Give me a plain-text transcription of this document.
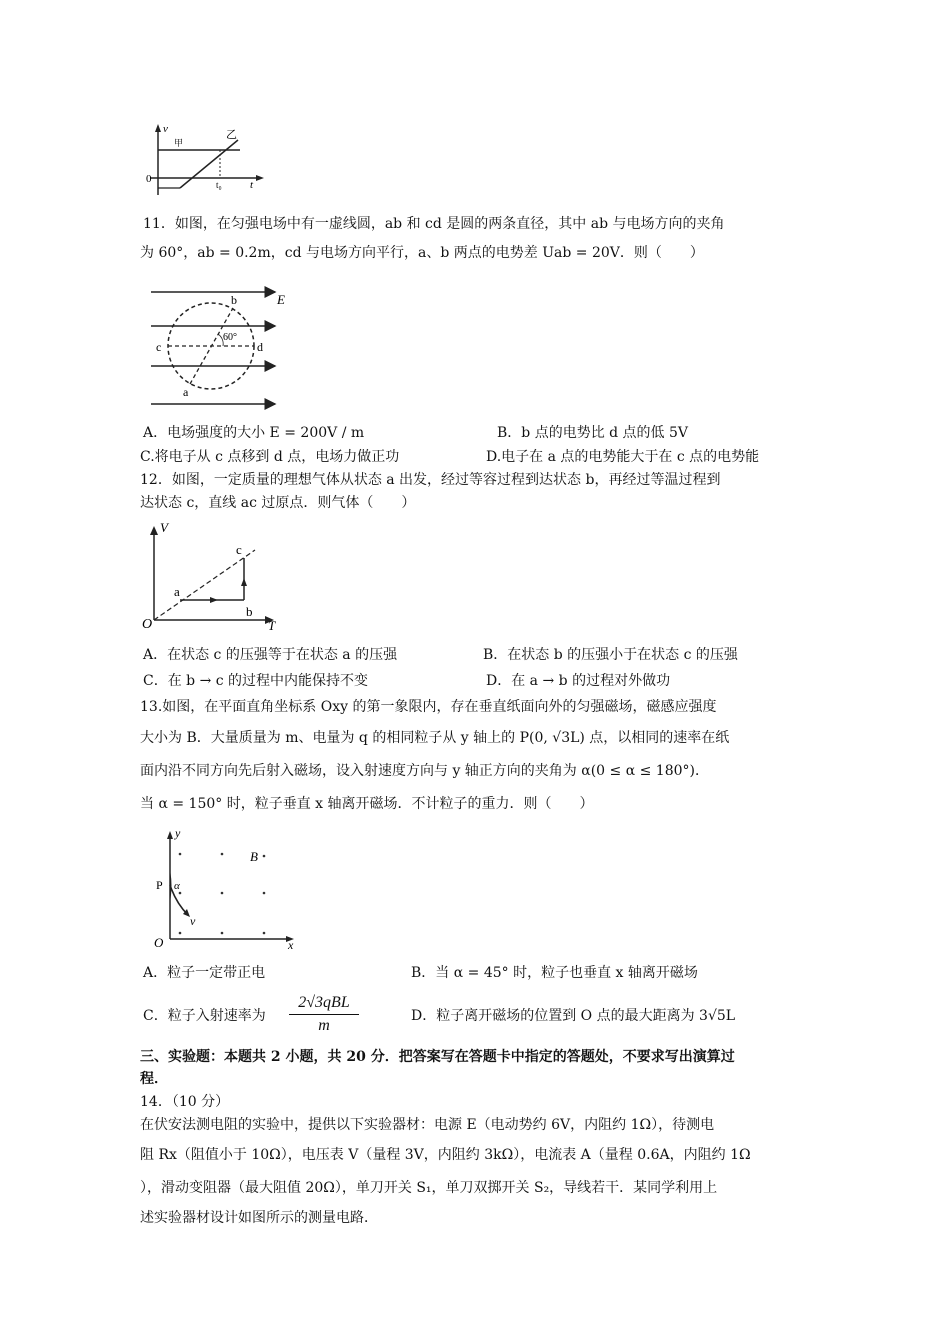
v
甲
乙
0	t₀	t
11．如图，在匀强电场中有一虚线圆，ab 和 cd 是圆的两条直径，其中 ab 与电场方向的夹角
为 60°，ab = 0.2m，cd 与电场方向平行，a、b 两点的电势差 Uab = 20V．则（　　）
E
b
60°
c	d
a
A．电场强度的大小 E = 200V / m	B．b 点的电势比 d 点的低 5V
C.将电子从 c 点移到 d 点，电场力做正功	D.电子在 a 点的电势能大于在 c 点的电势能
12．如图，一定质量的理想气体从状态 a 出发，经过等容过程到达状态 b，再经过等温过程到
达状态 c，直线 ac 过原点．则气体（　　）
V
c
a
b
O	T
A．在状态 c 的压强等于在状态 a 的压强	B．在状态 b 的压强小于在状态 c 的压强
C．在 b → c 的过程中内能保持不变	D．在 a → b 的过程对外做功
13.如图，在平面直角坐标系 Oxy 的第一象限内，存在垂直纸面向外的匀强磁场，磁感应强度
大小为 B．大量质量为 m、电量为 q 的相同粒子从 y 轴上的 P(0, √3L) 点，以相同的速率在纸
面内沿不同方向先后射入磁场，设入射速度方向与 y 轴正方向的夹角为 α(0 ≤ α ≤ 180°)．
当 α = 150° 时，粒子垂直 x 轴离开磁场．不计粒子的重力．则（　　）
y
B
P α
v
O	x
A．粒子一定带正电	B．当 α = 45° 时，粒子也垂直 x 轴离开磁场
C．粒子入射速率为
2√3qBL
m
D．粒子离开磁场的位置到 O 点的最大距离为 3√5L
三、实验题：本题共 2 小题，共 20 分．把答案写在答题卡中指定的答题处，不要求写出演算过
程．
14．（10 分）
在伏安法测电阻的实验中，提供以下实验器材：电源 E（电动势约 6V，内阻约 1Ω），待测电
阻 Rx（阻值小于 10Ω），电压表 V（量程 3V，内阻约 3kΩ），电流表 A（量程 0.6A，内阻约 1Ω
），滑动变阻器（最大阻值 20Ω），单刀开关 S₁，单刀双掷开关 S₂，导线若干．某同学利用上
述实验器材设计如图所示的测量电路．
